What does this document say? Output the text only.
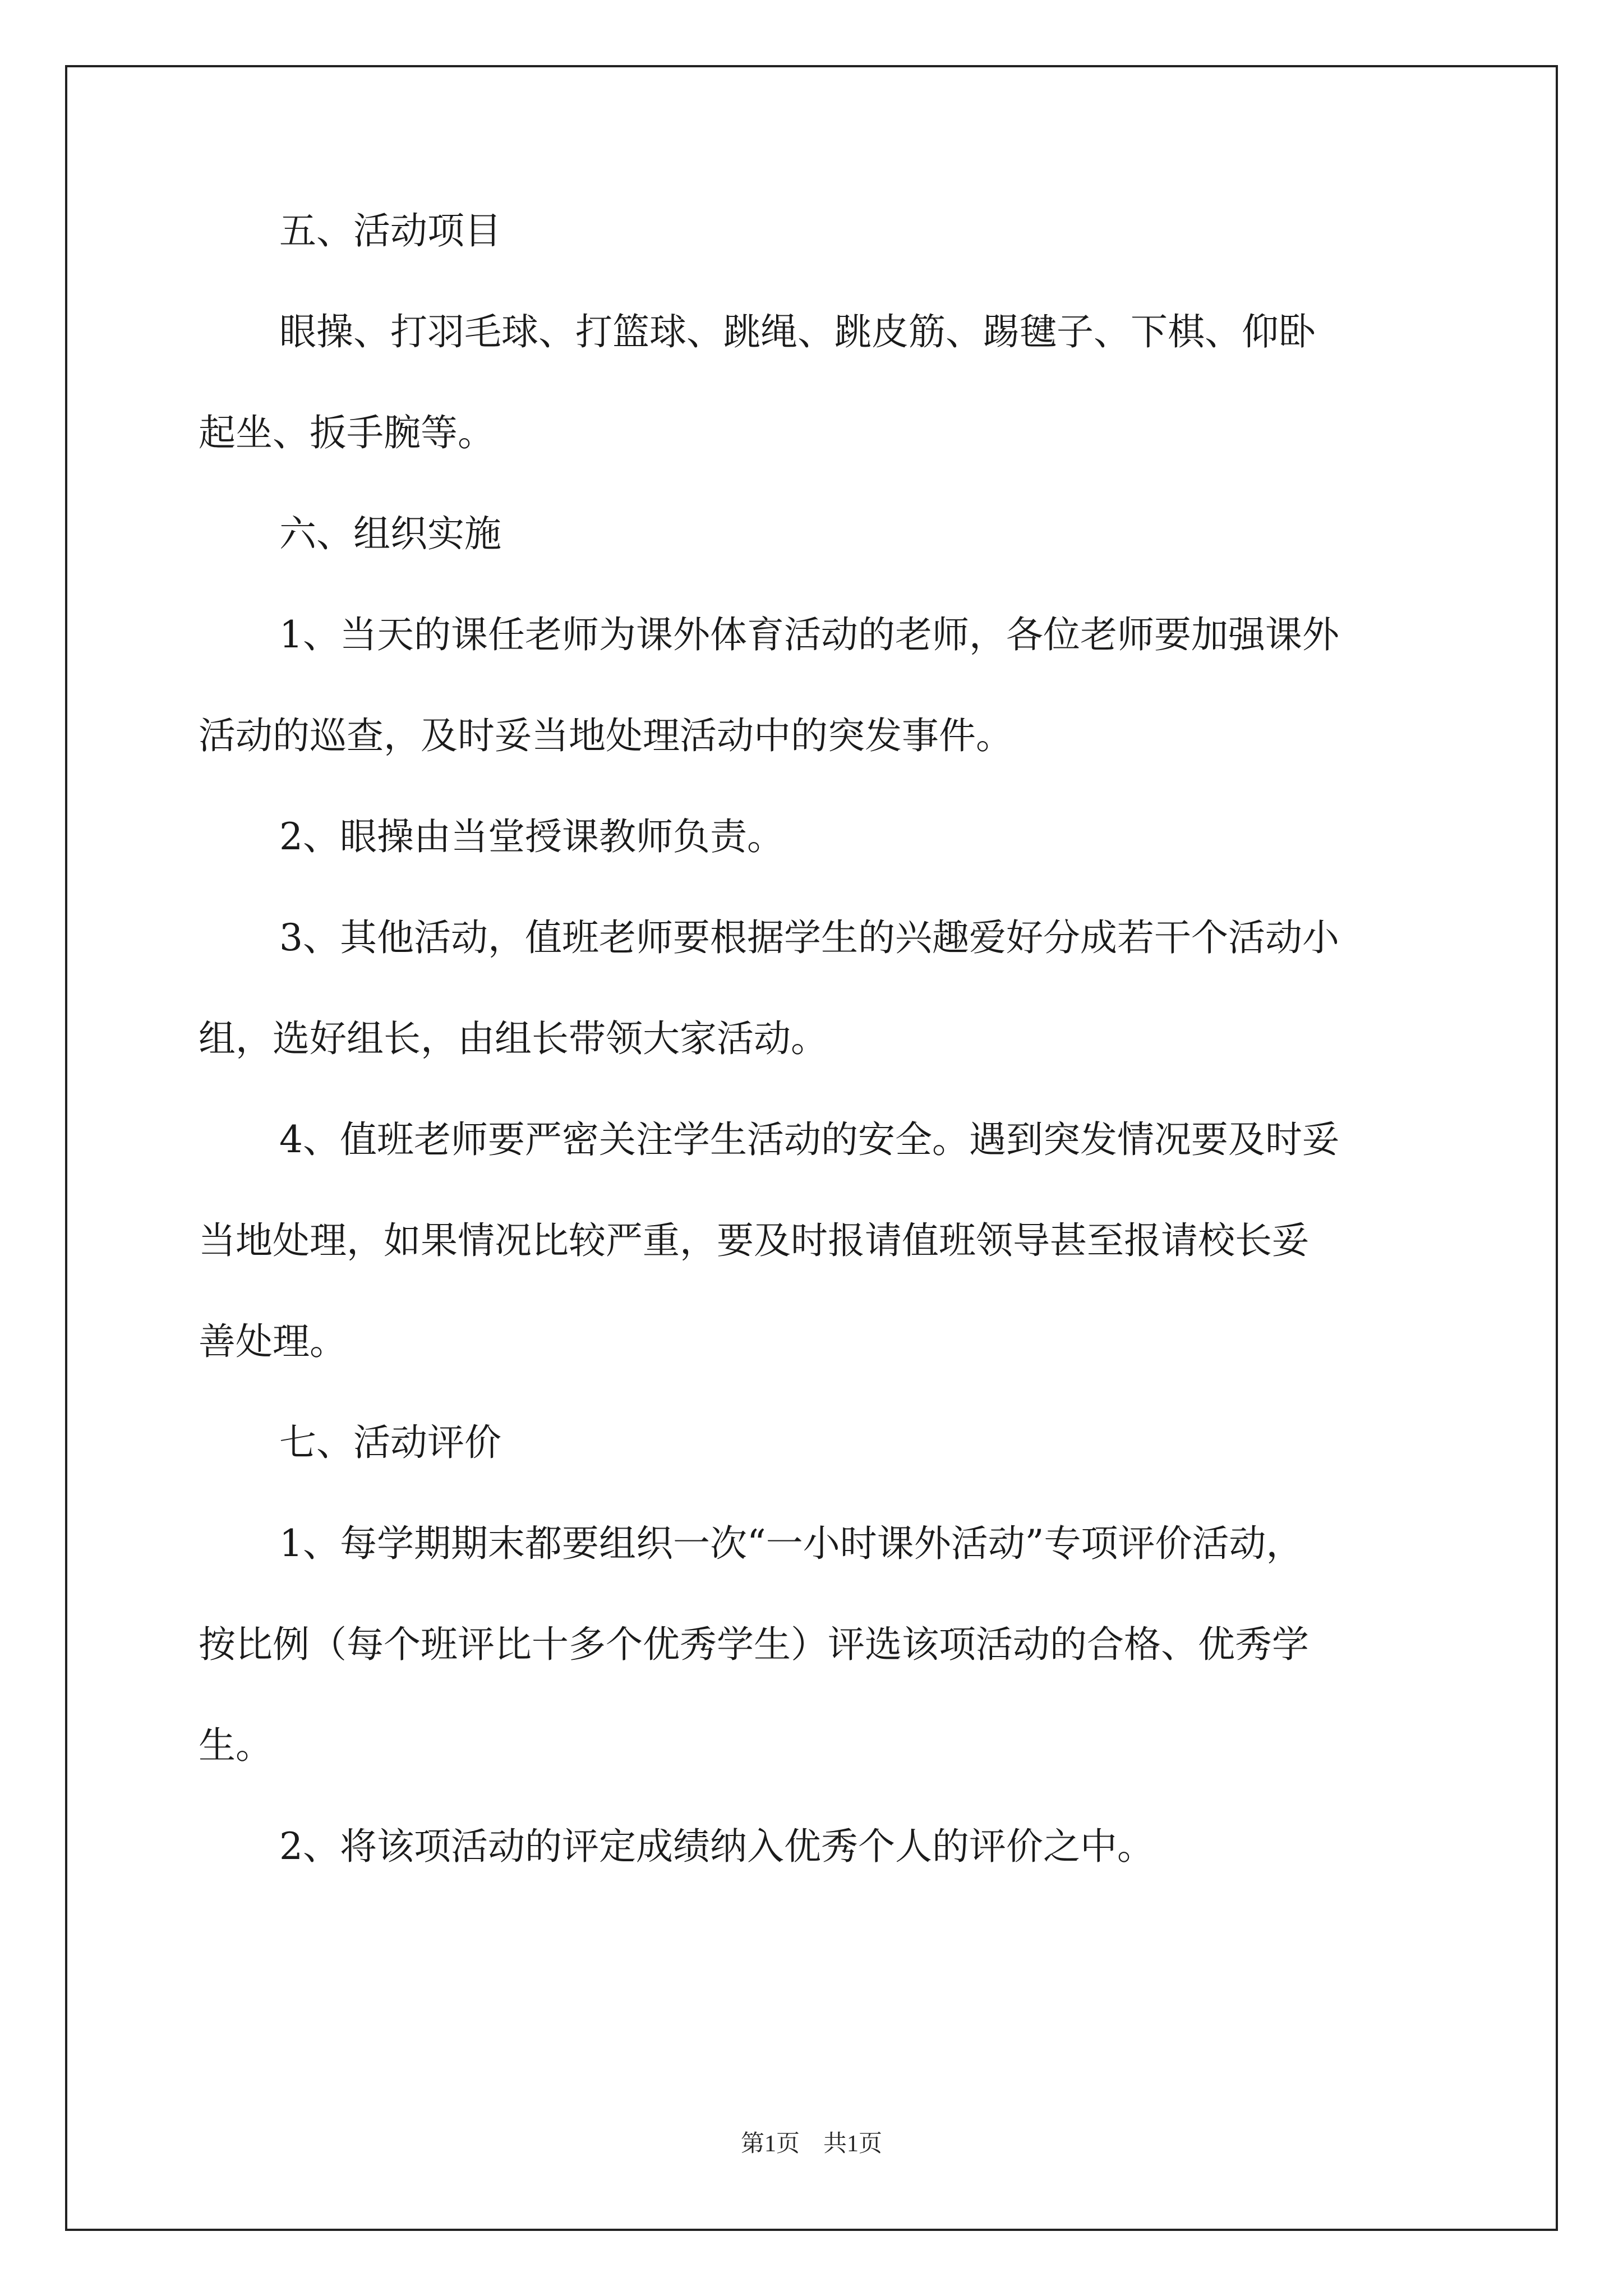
五、活动项目
眼操、打羽毛球、打篮球、跳绳、跳皮筋、踢毽子、下棋、仰卧
起坐、扳手腕等。
六、组织实施
1、当天的课任老师为课外体育活动的老师，各位老师要加强课外
活动的巡查，及时妥当地处理活动中的突发事件。
2、眼操由当堂授课教师负责。
3、其他活动，值班老师要根据学生的兴趣爱好分成若干个活动小
组，选好组长，由组长带领大家活动。
4、值班老师要严密关注学生活动的安全。遇到突发情况要及时妥
当地处理，如果情况比较严重，要及时报请值班领导甚至报请校长妥
善处理。
七、活动评价
1、每学期期末都要组织一次“一小时课外活动”专项评价活动，
按比例（每个班评比十多个优秀学生）评选该项活动的合格、优秀学
生。
2、将该项活动的评定成绩纳入优秀个人的评价之中。
第1页　共1页
